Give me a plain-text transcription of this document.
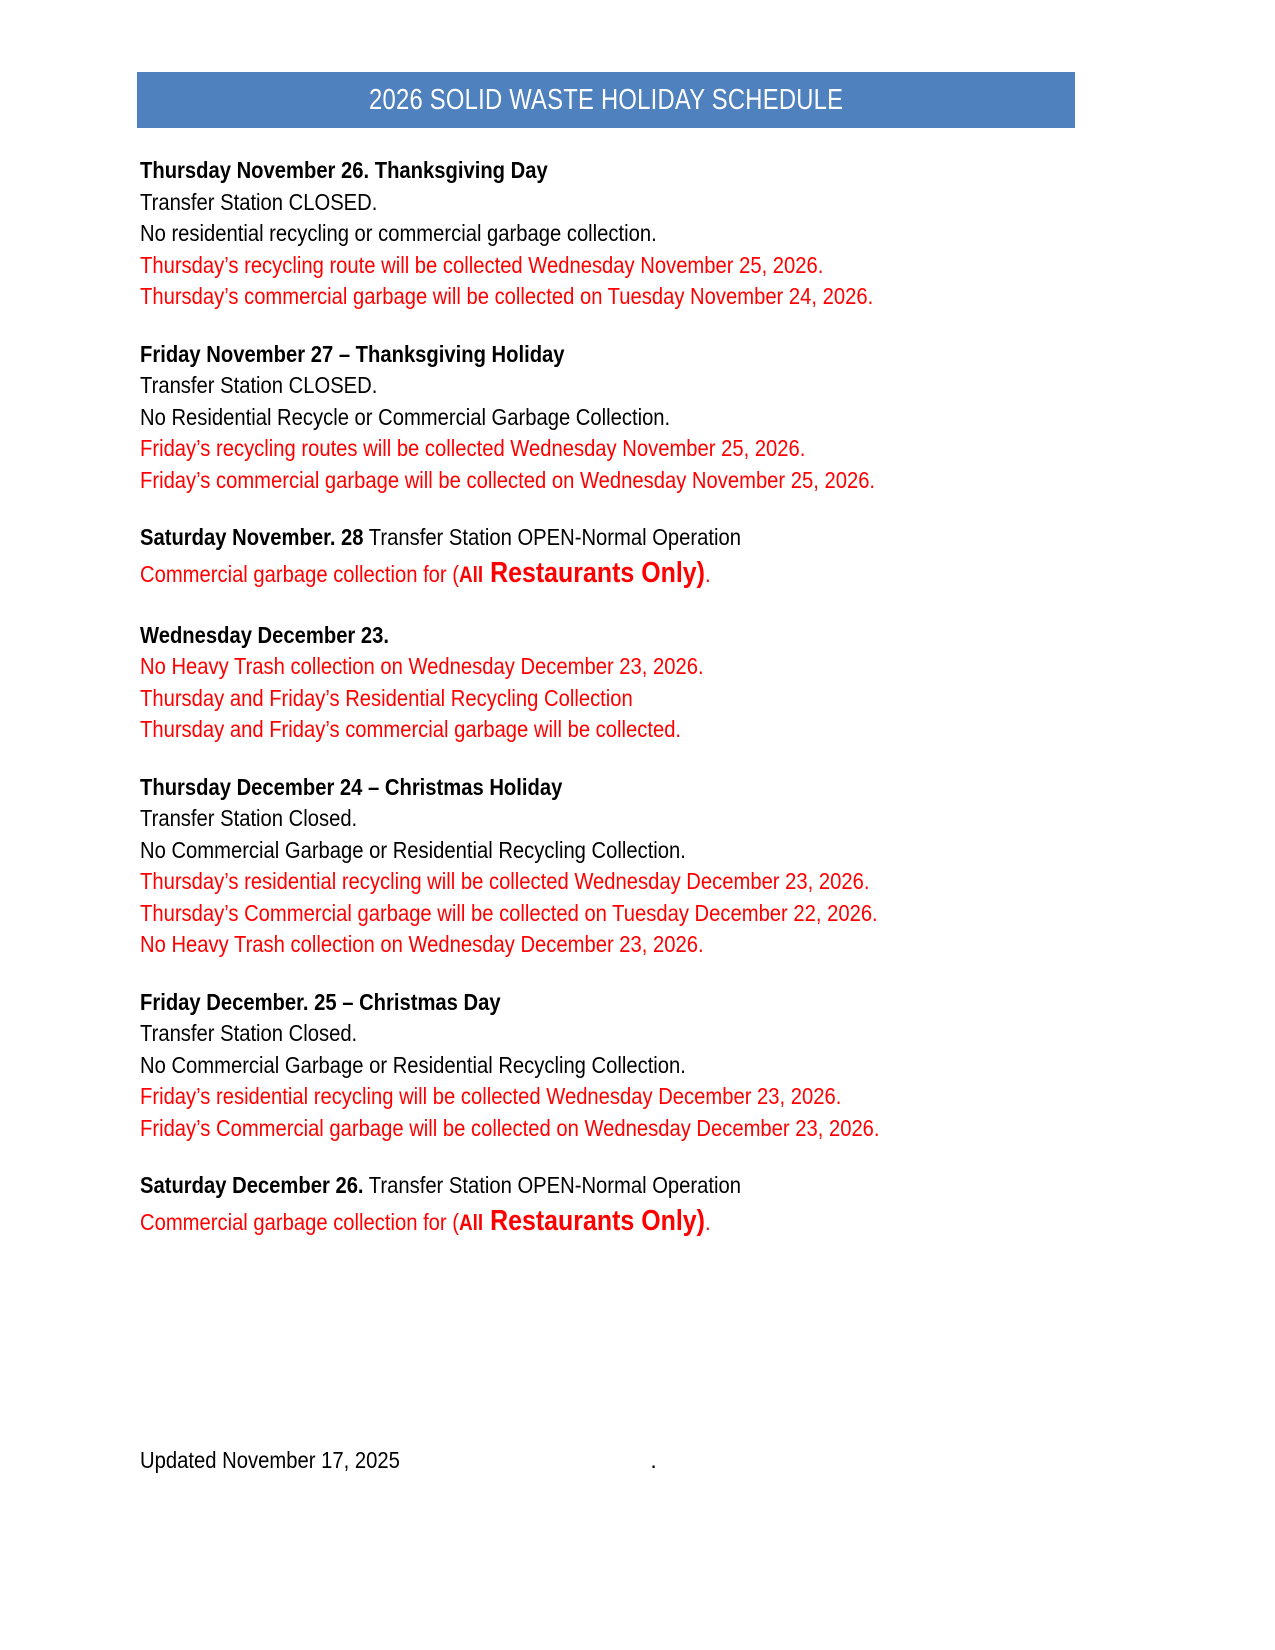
2026 SOLID WASTE HOLIDAY SCHEDULE
Thursday November 26. Thanksgiving Day
Transfer Station CLOSED.
No residential recycling or commercial garbage collection.
Thursday’s recycling route will be collected Wednesday November 25, 2026.
Thursday’s commercial garbage will be collected on Tuesday November 24, 2026.
Friday November 27 – Thanksgiving Holiday
Transfer Station CLOSED.
No Residential Recycle or Commercial Garbage Collection.
Friday’s recycling routes will be collected Wednesday November 25, 2026.
Friday’s commercial garbage will be collected on Wednesday November 25, 2026.
Saturday November. 28 Transfer Station OPEN-Normal Operation
Commercial garbage collection for (All Restaurants Only).
Wednesday December 23.
No Heavy Trash collection on Wednesday December 23, 2026.
Thursday and Friday’s Residential Recycling Collection
Thursday and Friday’s commercial garbage will be collected.
Thursday December 24 – Christmas Holiday
Transfer Station Closed.
No Commercial Garbage or Residential Recycling Collection.
Thursday’s residential recycling will be collected Wednesday December 23, 2026.
Thursday’s Commercial garbage will be collected on Tuesday December 22, 2026.
No Heavy Trash collection on Wednesday December 23, 2026.
Friday December. 25 – Christmas Day
Transfer Station Closed.
No Commercial Garbage or Residential Recycling Collection.
Friday’s residential recycling will be collected Wednesday December 23, 2026.
Friday’s Commercial garbage will be collected on Wednesday December 23, 2026.
Saturday December 26. Transfer Station OPEN-Normal Operation
Commercial garbage collection for (All Restaurants Only).
Updated November 17, 2025	.
